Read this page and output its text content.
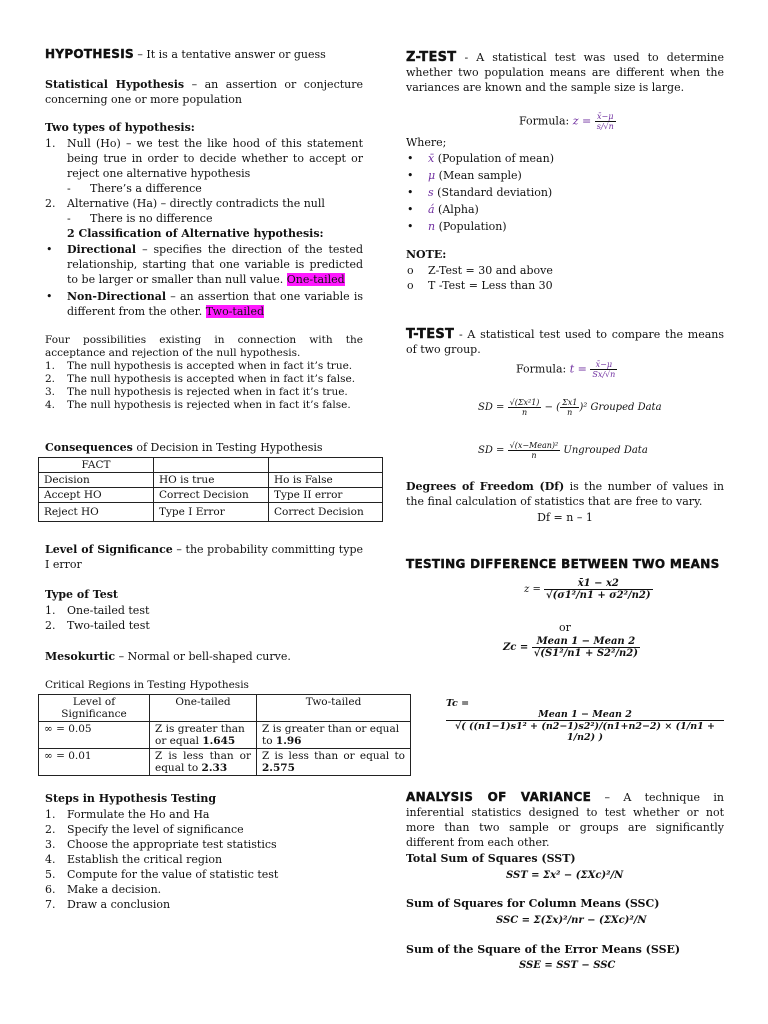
HYPOTHESIS – It is a tentative answer or guess

Statistical Hypothesis – an assertion or conjecture concerning one or more population

Two types of hypothesis:

1. Null (Ho) – we test the like hood of this statement being true in order to decide whether to accept or reject one alternative hypothesis
- There’s a difference
2. Alternative (Ha) – directly contradicts the null
- There is no difference
2 Classification of Alternative hypothesis:
• Directional – specifies the direction of the tested relationship, starting that one variable is predicted to be larger or smaller than null value. One-tailed
• Non-Directional – an assertion that one variable is different from the other. Two-tailed

Four possibilities existing in connection with the acceptance and rejection of the null hypothesis.

1. The null hypothesis is accepted when in fact it’s true.
2. The null hypothesis is accepted when in fact it’s false.
3. The null hypothesis is rejected when in fact it’s true.
4. The null hypothesis is rejected when in fact it’s false.

Consequences of Decision in Testing Hypothesis

FACT		
Decision	HO is true	Ho is False
Accept HO	Correct Decision	Type II error
Reject HO	Type I Error	Correct Decision

Level of Significance – the probability committing type I error

Type of Test

1. One-tailed test
2. Two-tailed test

Mesokurtic – Normal or bell-shaped curve.

Critical Regions in Testing Hypothesis

Level of Significance	One-tailed	Two-tailed
∞ = 0.05	Z is greater than or equal 1.645	Z is greater than or equal to 1.96
∞ = 0.01	Z is less than or equal to 2.33	Z is less than or equal to 2.575

Steps in Hypothesis Testing

1. Formulate the Ho and Ha
2. Specify the level of significance
3. Choose the appropriate test statistics
4. Establish the critical region
5. Compute for the value of statistic test
6. Make a decision.
7. Draw a conclusion

Z-TEST - A statistical test was used to determine whether two population means are different when the variances are known and the sample size is large.

Formula: $z = \frac{x̄-\mu}{s/√n}$

Where;

• x̄ (Population of mean)
• μ (Mean sample)
• s (Standard deviation)
• á (Alpha)
• n (Population)

NOTE:

o Z-Test = 30 and above
o T -Test = Less than 30

T-TEST - A statistical test used to compare the means of two group.

Formula: $t = \frac{x̄-\mu}{Sx/√n}$
SD = $\frac{\text{√(Σx²1)}}{n}$ − ( $\frac{\Sigma x1}{n} )^2$ Grouped Data
SD = $\frac{\text{√(x−Mean)²}}{n}$ Ungrouped Data

Degrees of Freedom (Df) is the number of values in the final calculation of statistics that are free to vary.

Df = n – 1

TESTING DIFFERENCE BETWEEN TWO MEANS

$z = \frac{x̄1 - x2}{\text{√(σ1²/n1 + σ2²/n2)}}$

or

$Zc = \frac{\text{Mean 1 − Mean 2}}{\text{√(S1²/n1 + S2²/n2)}}$
Tc =
$\frac{\text{Mean 1 − Mean 2}}{\text{√( ((n1−1)s1² + (n2−1)s2²)/(n1+n2−2) × (1/n1 + 1/n2) )}}$

ANALYSIS OF VARIANCE – A technique in inferential statistics designed to test whether or not more than two sample or groups are significantly different from each other.

Total Sum of Squares (SST)

SST = Σx² − (ΣXc)²/N

Sum of Squares for Column Means (SSC)

SSC = Σ(Σx)²/nr − (ΣXc)²/N

Sum of the Square of the Error Means (SSE)

SSE = SST − SSC
